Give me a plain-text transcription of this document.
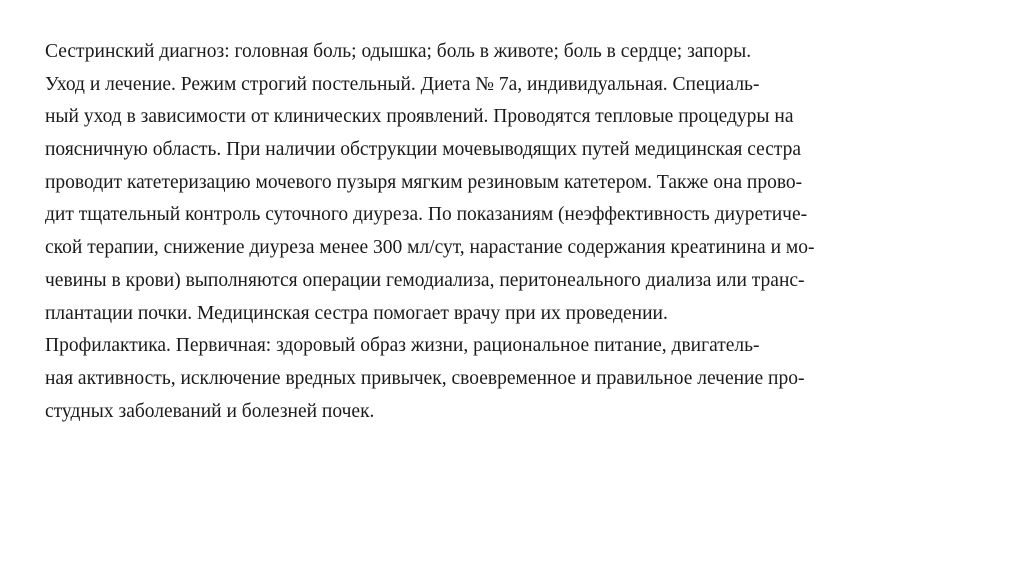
Сестринский диагноз: головная боль; одышка; боль в животе; боль в сердце; запоры.
Уход и лечение. Режим строгий постельный. Диета № 7а, индивидуальная. Специаль-
ный уход в зависимости от клинических проявлений. Проводятся тепловые процедуры на
поясничную область. При наличии обструкции мочевыводящих путей медицинская сестра
проводит катетеризацию мочевого пузыря мягким резиновым катетером. Также она прово-
дит тщательный контроль суточного диуреза. По показаниям (неэффективность диуретиче-
ской терапии, снижение диуреза менее 300 мл/сут, нарастание содержания креатинина и мо-
чевины в крови) выполняются операции гемодиализа, перитонеального диализа или транс-
плантации почки. Медицинская сестра помогает врачу при их проведении.
Профилактика. Первичная: здоровый образ жизни, рациональное питание, двигатель-
ная активность, исключение вредных привычек, своевременное и правильное лечение про-
студных заболеваний и болезней почек.
